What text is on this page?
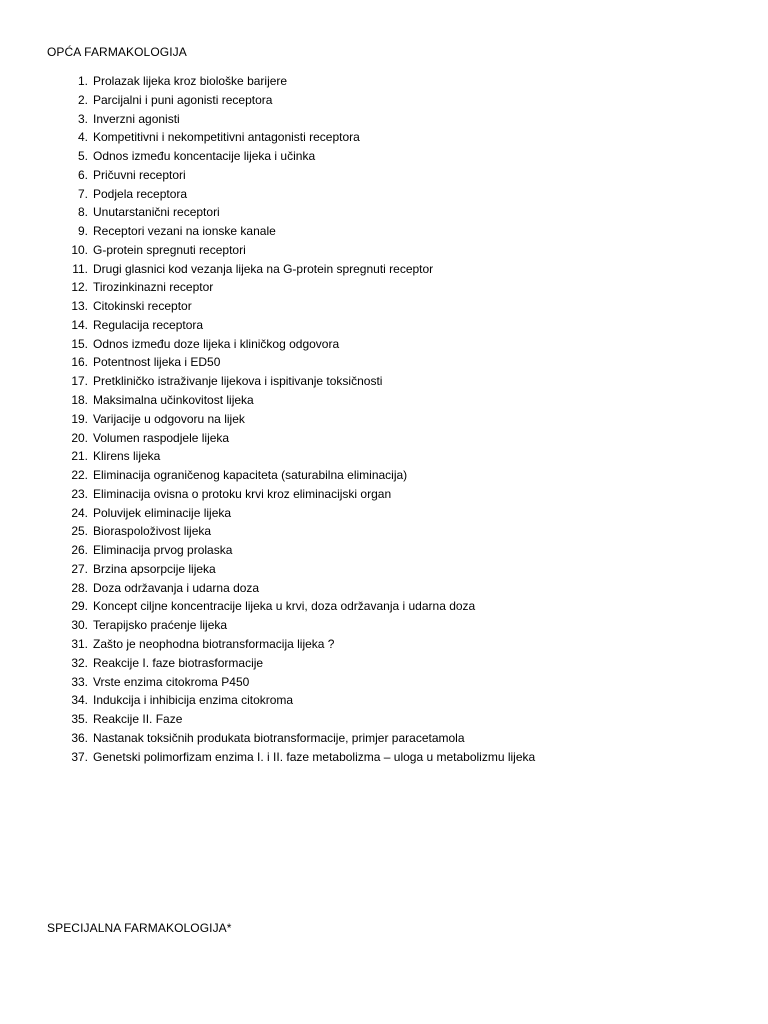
OPĆA FARMAKOLOGIJA
1. Prolazak lijeka kroz biološke barijere
2. Parcijalni i puni agonisti receptora
3. Inverzni agonisti
4. Kompetitivni i nekompetitivni antagonisti receptora
5. Odnos između koncentacije lijeka i učinka
6. Pričuvni receptori
7. Podjela receptora
8. Unutarstanični receptori
9. Receptori vezani na ionske kanale
10. G-protein spregnuti receptori
11. Drugi glasnici kod vezanja lijeka na G-protein spregnuti receptor
12. Tirozinkinazni receptor
13. Citokinski receptor
14. Regulacija receptora
15. Odnos između doze lijeka i kliničkog odgovora
16. Potentnost lijeka i ED50
17. Pretkliničko istraživanje lijekova i ispitivanje toksičnosti
18. Maksimalna učinkovitost lijeka
19. Varijacije u odgovoru na lijek
20. Volumen raspodjele lijeka
21. Klirens lijeka
22. Eliminacija ograničenog kapaciteta (saturabilna eliminacija)
23. Eliminacija ovisna o protoku krvi kroz eliminacijski organ
24. Poluvijek eliminacije lijeka
25. Bioraspoloživost lijeka
26. Eliminacija prvog prolaska
27. Brzina apsorpcije lijeka
28. Doza održavanja i udarna doza
29. Koncept ciljne koncentracije lijeka u krvi, doza održavanja i udarna doza
30. Terapijsko praćenje lijeka
31. Zašto je neophodna biotransformacija lijeka ?
32. Reakcije I. faze biotrasformacije
33. Vrste enzima citokroma P450
34. Indukcija i inhibicija enzima citokroma
35. Reakcije II. Faze
36. Nastanak toksičnih produkata biotransformacije, primjer paracetamola
37. Genetski polimorfizam enzima I. i II. faze metabolizma – uloga u metabolizmu lijeka
SPECIJALNA FARMAKOLOGIJA*
